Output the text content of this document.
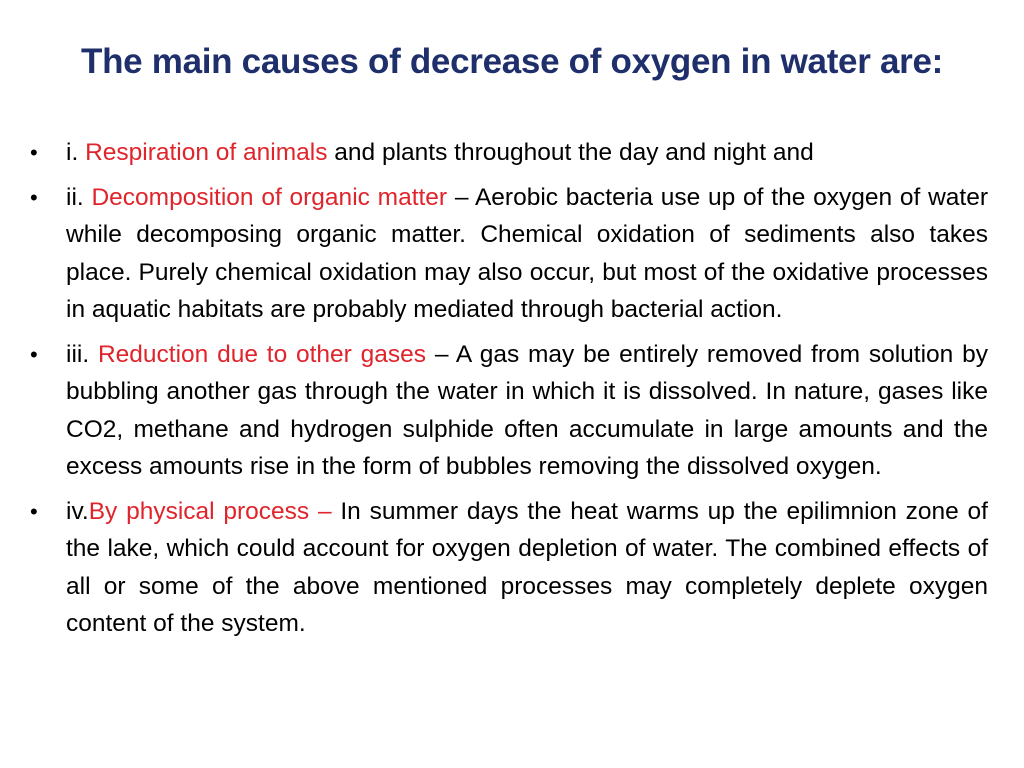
The main causes of decrease of oxygen in water are:
• i. Respiration of animals and plants throughout the day and night and
• ii. Decomposition of organic matter – Aerobic bacteria use up of the oxygen of water while decomposing organic matter. Chemical oxidation of sediments also takes place. Purely chemical oxidation may also occur, but most of the oxidative processes in aquatic habitats are probably mediated through bacterial action.
• iii. Reduction due to other gases – A gas may be entirely removed from solution by bubbling another gas through the water in which it is dissolved. In nature, gases like CO2, methane and hydrogen sulphide often accumulate in large amounts and the excess amounts rise in the form of bubbles removing the dissolved oxygen.
• iv.By physical process – In summer days the heat warms up the epilimnion zone of the lake, which could account for oxygen depletion of water. The combined effects of all or some of the above mentioned processes may completely deplete oxygen content of the system.
